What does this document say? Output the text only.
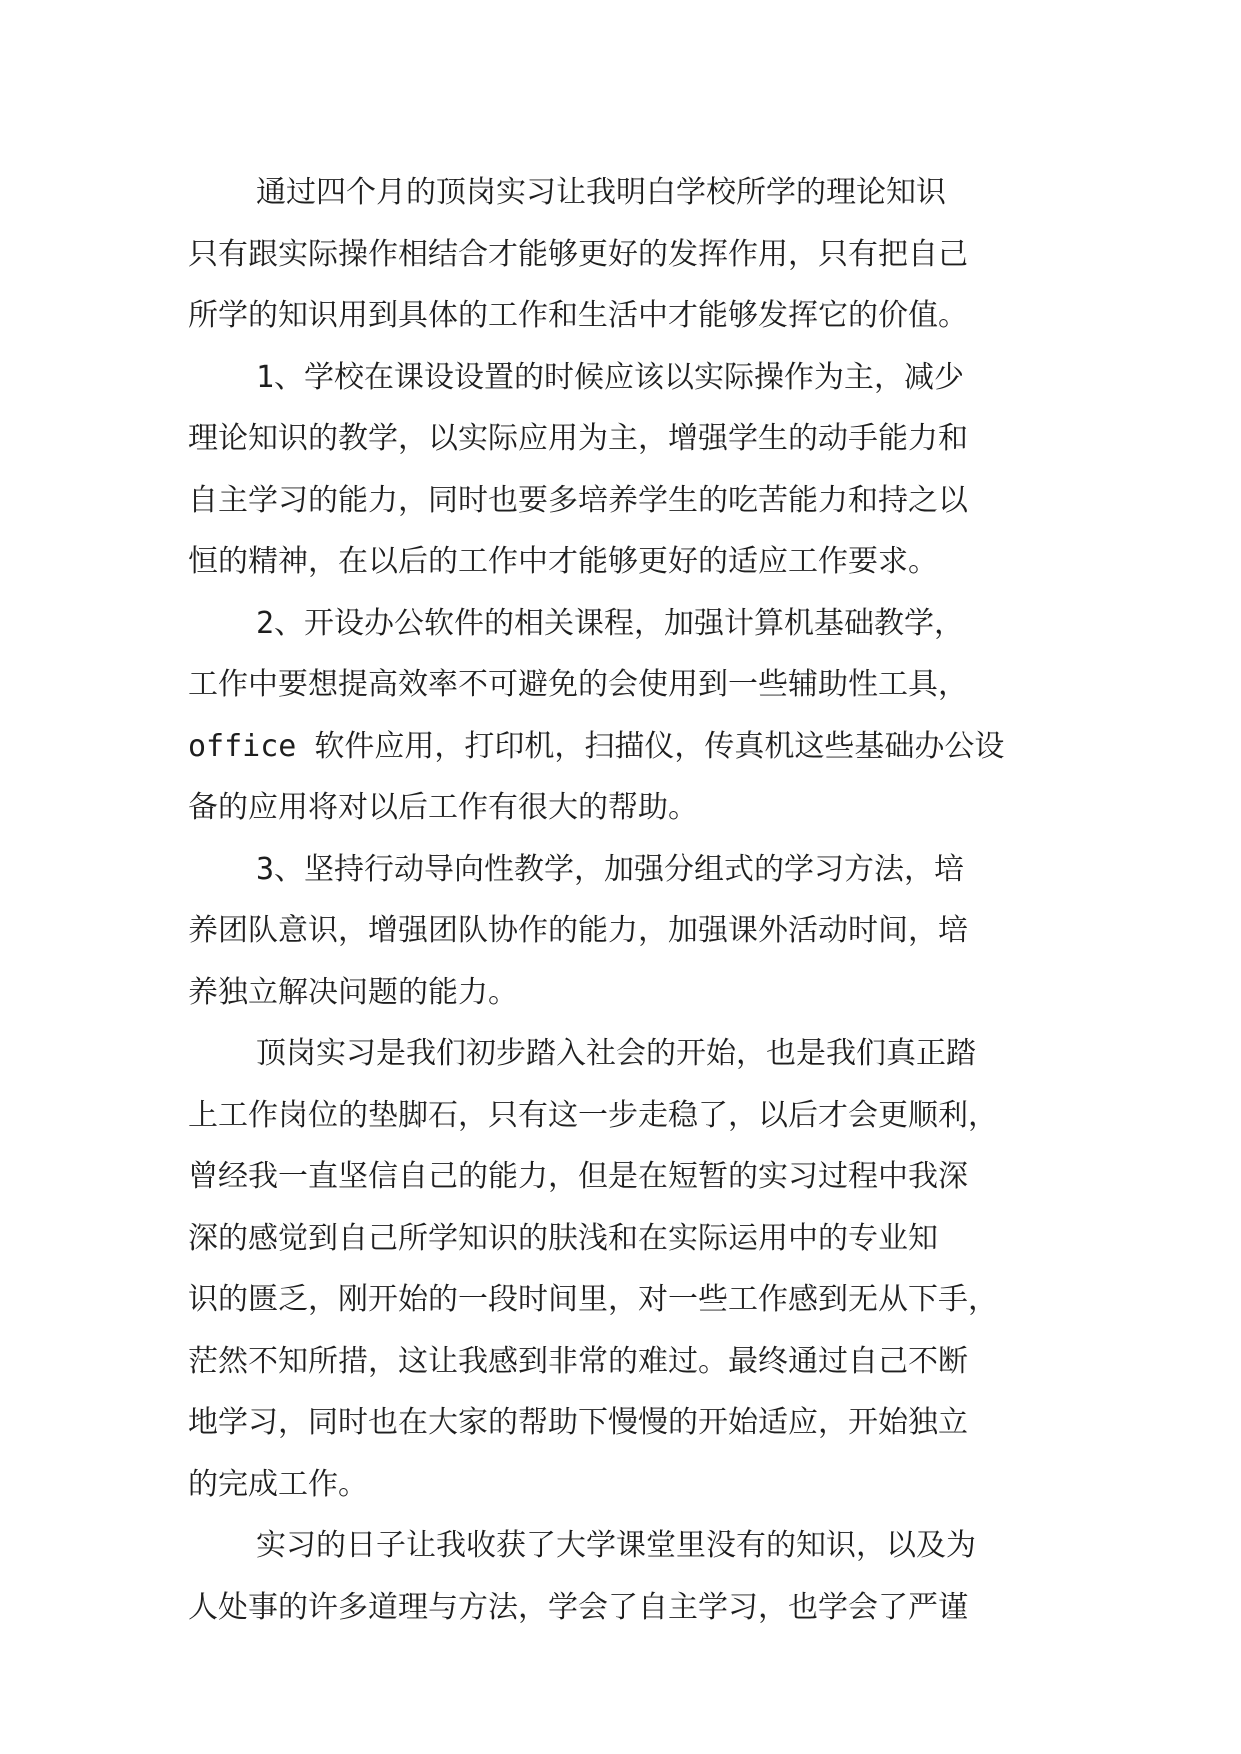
通过四个月的顶岗实习让我明白学校所学的理论知识
只有跟实际操作相结合才能够更好的发挥作用，只有把自己
所学的知识用到具体的工作和生活中才能够发挥它的价值。
1、学校在课设设置的时候应该以实际操作为主，减少
理论知识的教学，以实际应用为主，增强学生的动手能力和
自主学习的能力，同时也要多培养学生的吃苦能力和持之以
恒的精神，在以后的工作中才能够更好的适应工作要求。
2、开设办公软件的相关课程，加强计算机基础教学，
工作中要想提高效率不可避免的会使用到一些辅助性工具，
office 软件应用，打印机，扫描仪，传真机这些基础办公设
备的应用将对以后工作有很大的帮助。
3、坚持行动导向性教学，加强分组式的学习方法，培
养团队意识，增强团队协作的能力，加强课外活动时间，培
养独立解决问题的能力。
顶岗实习是我们初步踏入社会的开始，也是我们真正踏
上工作岗位的垫脚石，只有这一步走稳了，以后才会更顺利，
曾经我一直坚信自己的能力，但是在短暂的实习过程中我深
深的感觉到自己所学知识的肤浅和在实际运用中的专业知
识的匮乏，刚开始的一段时间里，对一些工作感到无从下手，
茫然不知所措，这让我感到非常的难过。最终通过自己不断
地学习，同时也在大家的帮助下慢慢的开始适应，开始独立
的完成工作。
实习的日子让我收获了大学课堂里没有的知识，以及为
人处事的许多道理与方法，学会了自主学习，也学会了严谨
